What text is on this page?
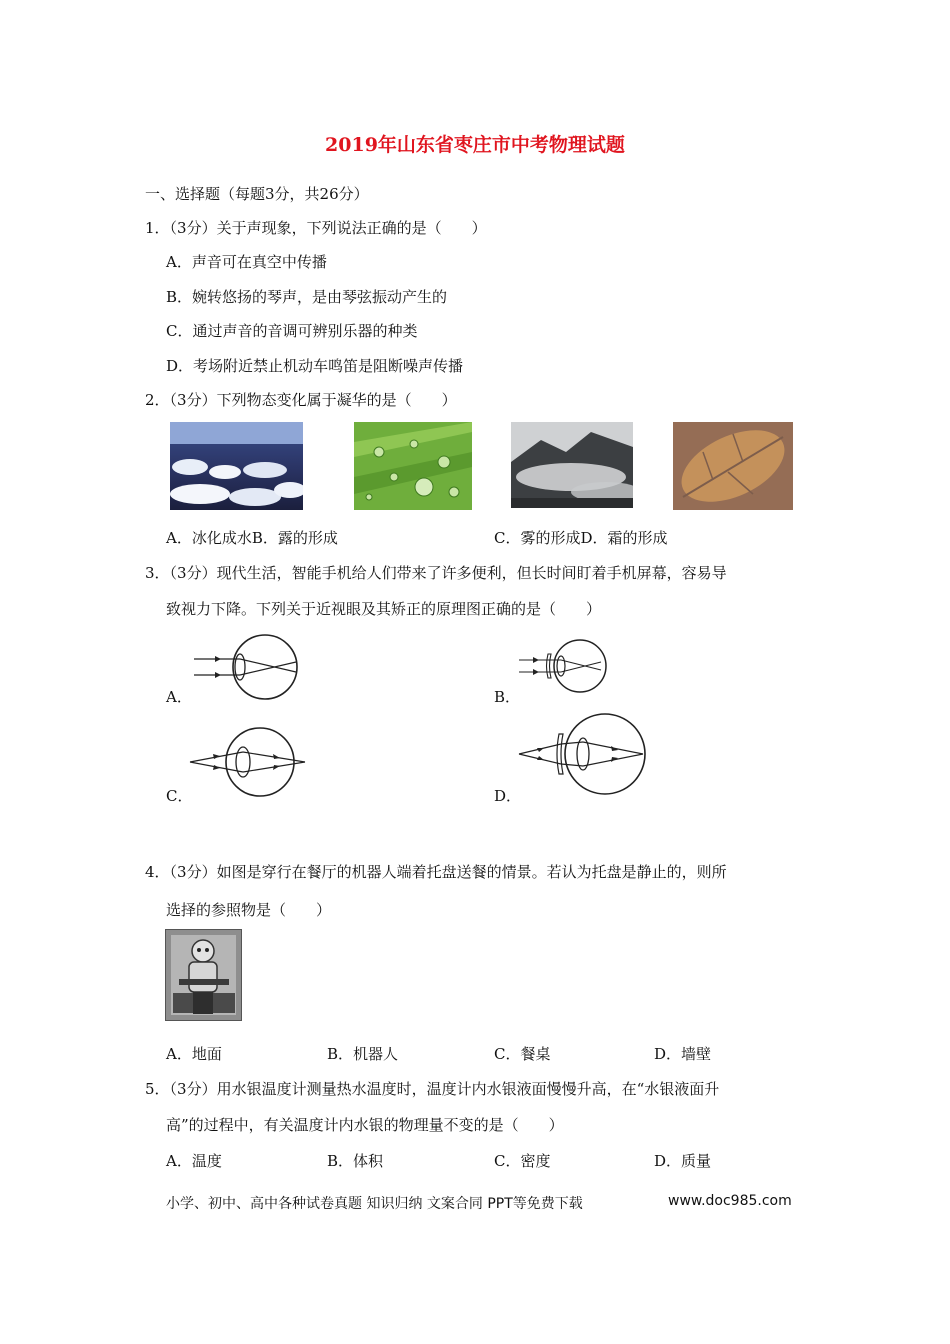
2019年山东省枣庄市中考物理试题
一、选择题（每题3分，共26分）
1．（3分）关于声现象，下列说法正确的是（　　）
A．声音可在真空中传播
B．婉转悠扬的琴声，是由琴弦振动产生的
C．通过声音的音调可辨别乐器的种类
D．考场附近禁止机动车鸣笛是阻断噪声传播
2．（3分）下列物态变化属于凝华的是（　　）
A．冰化成水B．露的形成	C．雾的形成D．霜的形成
3．（3分）现代生活，智能手机给人们带来了许多便利，但长时间盯着手机屏幕，容易导
致视力下降。下列关于近视眼及其矫正的原理图正确的是（　　）
A．	B．
C．	D．
4．（3分）如图是穿行在餐厅的机器人端着托盘送餐的情景。若认为托盘是静止的，则所
选择的参照物是（　　）
A．地面	B．机器人	C．餐桌	D．墙壁
5．（3分）用水银温度计测量热水温度时，温度计内水银液面慢慢升高，在“水银液面升
高”的过程中，有关温度计内水银的物理量不变的是（　　）
A．温度	B．体积	C．密度	D．质量
小学、初中、高中各种试卷真题 知识归纳 文案合同 PPT等免费下载	www.doc985.com
